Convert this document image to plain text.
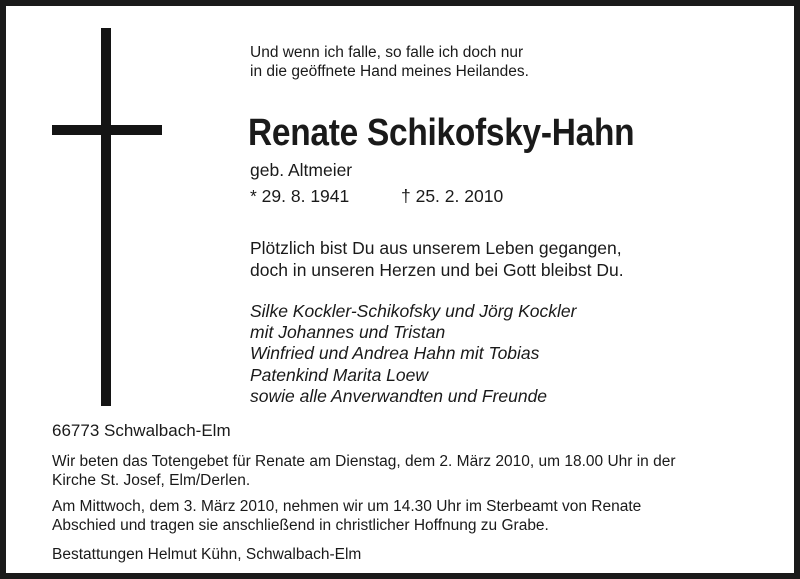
Und wenn ich falle, so falle ich doch nur
in die geöffnete Hand meines Heilandes.
Renate Schikofsky-Hahn
geb. Altmeier
* 29. 8. 1941	† 25. 2. 2010
Plötzlich bist Du aus unserem Leben gegangen,
doch in unseren Herzen und bei Gott bleibst Du.
Silke Kockler-Schikofsky und Jörg Kockler
mit Johannes und Tristan
Winfried und Andrea Hahn mit Tobias
Patenkind Marita Loew
sowie alle Anverwandten und Freunde
66773 Schwalbach-Elm
Wir beten das Totengebet für Renate am Dienstag, dem 2. März 2010, um 18.00 Uhr in der
Kirche St. Josef, Elm/Derlen.
Am Mittwoch, dem 3. März 2010, nehmen wir um 14.30 Uhr im Sterbeamt von Renate
Abschied und tragen sie anschließend in christlicher Hoffnung zu Grabe.
Bestattungen Helmut Kühn, Schwalbach-Elm
